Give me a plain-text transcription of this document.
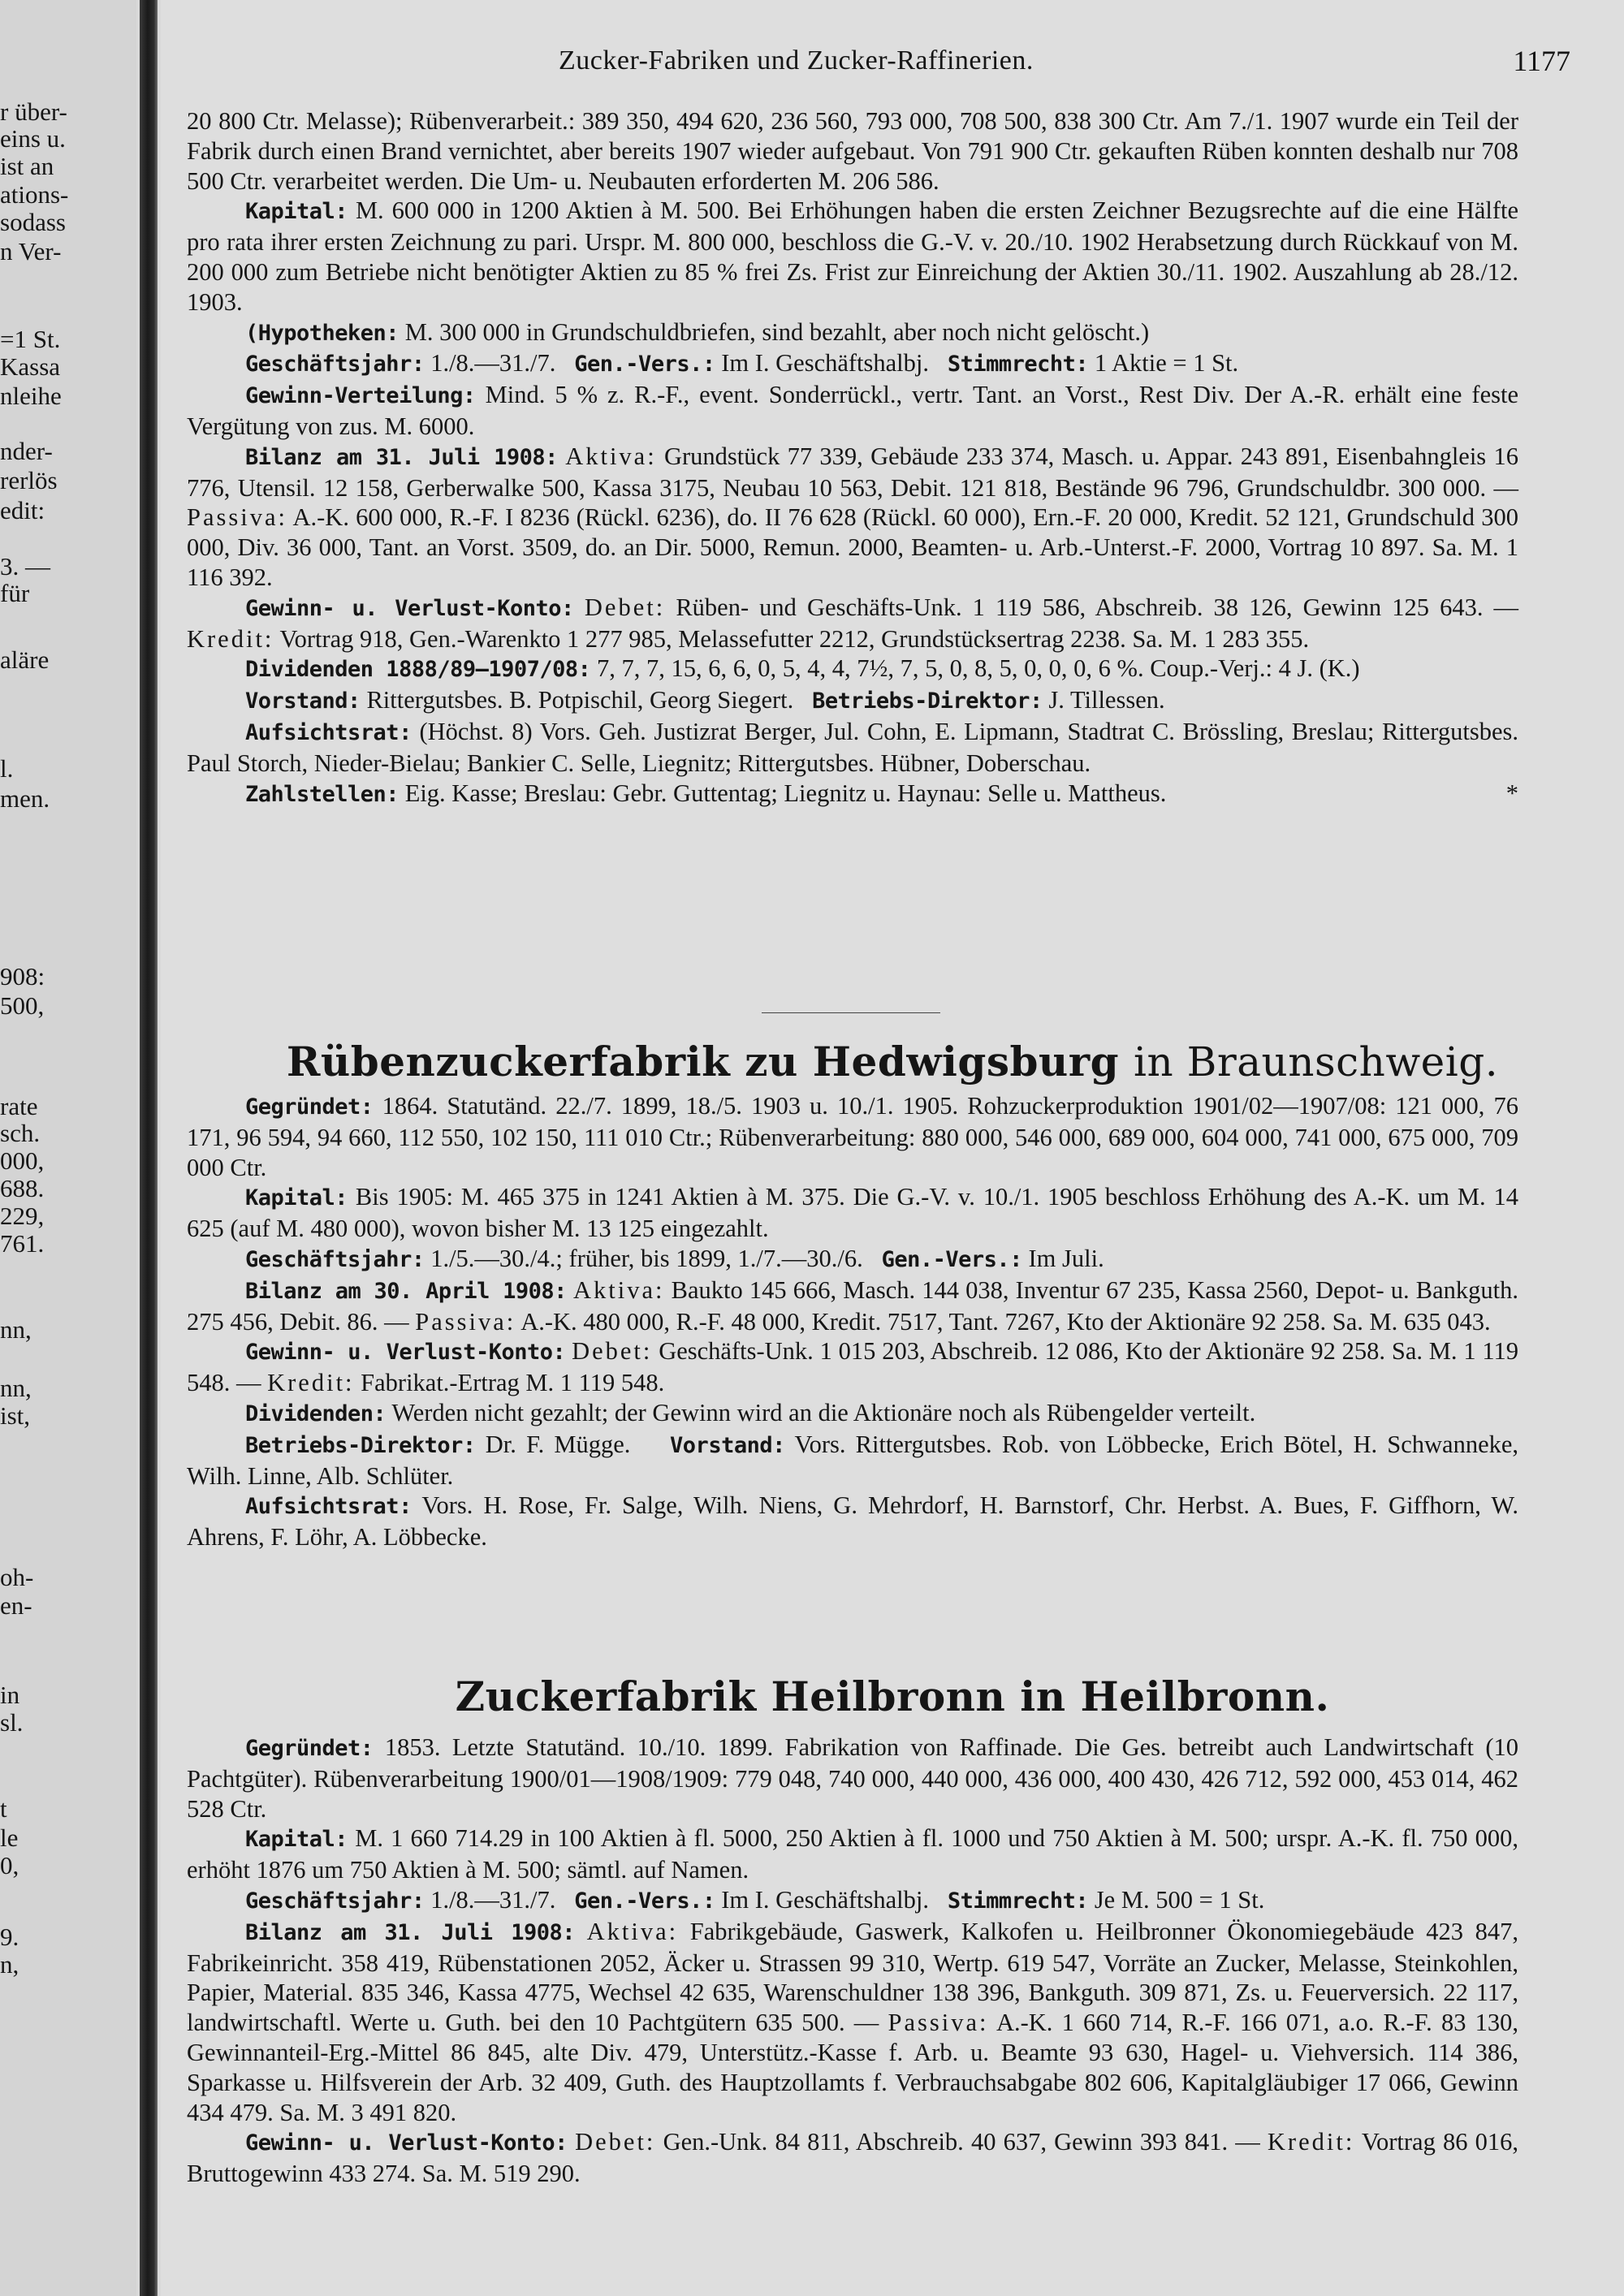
r über-
eins u.
ist an
ations-
sodass
n Ver-
=1 St.
Kassa
nleihe
nder-
rerlös
edit:
3. —
für
aläre
l.
men.
908:
500,
rate
sch.
000,
688.
229,
761.
nn,
nn,
ist,
oh-
en-
in
sl.
t
le
0,
9.
n,
Zucker-Fabriken und Zucker-Raffinerien.	1177

20 800 Ctr. Melasse); Rübenverarbeit.: 389 350, 494 620, 236 560, 793 000, 708 500, 838 300 Ctr. Am 7./1. 1907 wurde ein Teil der Fabrik durch einen Brand vernichtet, aber bereits 1907 wieder aufgebaut. Von 791 900 Ctr. gekauften Rüben konnten deshalb nur 708 500 Ctr. verarbeitet werden. Die Um- u. Neubauten erforderten M. 206 586.

Kapital: M. 600 000 in 1200 Aktien à M. 500. Bei Erhöhungen haben die ersten Zeichner Bezugsrechte auf die eine Hälfte pro rata ihrer ersten Zeichnung zu pari. Urspr. M. 800 000, beschloss die G.-V. v. 20./10. 1902 Herabsetzung durch Rückkauf von M. 200 000 zum Betriebe nicht benötigter Aktien zu 85 % frei Zs. Frist zur Einreichung der Aktien 30./11. 1902. Auszahlung ab 28./12. 1903.

(Hypotheken: M. 300 000 in Grundschuldbriefen, sind bezahlt, aber noch nicht gelöscht.)

Geschäftsjahr: 1./8.—31./7. Gen.-Vers.: Im I. Geschäftshalbj. Stimmrecht: 1 Aktie = 1 St.

Gewinn-Verteilung: Mind. 5 % z. R.-F., event. Sonderrückl., vertr. Tant. an Vorst., Rest Div. Der A.-R. erhält eine feste Vergütung von zus. M. 6000.

Bilanz am 31. Juli 1908: Aktiva: Grundstück 77 339, Gebäude 233 374, Masch. u. Appar. 243 891, Eisenbahngleis 16 776, Utensil. 12 158, Gerberwalke 500, Kassa 3175, Neubau 10 563, Debit. 121 818, Bestände 96 796, Grundschuldbr. 300 000. — Passiva: A.-K. 600 000, R.-F. I 8236 (Rückl. 6236), do. II 76 628 (Rückl. 60 000), Ern.-F. 20 000, Kredit. 52 121, Grundschuld 300 000, Div. 36 000, Tant. an Vorst. 3509, do. an Dir. 5000, Remun. 2000, Beamten- u. Arb.-Unterst.-F. 2000, Vortrag 10 897. Sa. M. 1 116 392.

Gewinn- u. Verlust-Konto: Debet: Rüben- und Geschäfts-Unk. 1 119 586, Abschreib. 38 126, Gewinn 125 643. — Kredit: Vortrag 918, Gen.-Warenkto 1 277 985, Melassefutter 2212, Grundstücksertrag 2238. Sa. M. 1 283 355.

Dividenden 1888/89—1907/08: 7, 7, 7, 15, 6, 6, 0, 5, 4, 4, 7½, 7, 5, 0, 8, 5, 0, 0, 0, 6 %. Coup.-Verj.: 4 J. (K.)

Vorstand: Rittergutsbes. B. Potpischil, Georg Siegert. Betriebs-Direktor: J. Tillessen.

Aufsichtsrat: (Höchst. 8) Vors. Geh. Justizrat Berger, Jul. Cohn, E. Lipmann, Stadtrat C. Brössling, Breslau; Rittergutsbes. Paul Storch, Nieder-Bielau; Bankier C. Selle, Liegnitz; Rittergutsbes. Hübner, Doberschau.

Zahlstellen: Eig. Kasse; Breslau: Gebr. Guttentag; Liegnitz u. Haynau: Selle u. Mattheus.	*

Rübenzuckerfabrik zu Hedwigsburg in Braunschweig.

Gegründet: 1864. Statutänd. 22./7. 1899, 18./5. 1903 u. 10./1. 1905. Rohzuckerproduktion 1901/02—1907/08: 121 000, 76 171, 96 594, 94 660, 112 550, 102 150, 111 010 Ctr.; Rübenverarbeitung: 880 000, 546 000, 689 000, 604 000, 741 000, 675 000, 709 000 Ctr.

Kapital: Bis 1905: M. 465 375 in 1241 Aktien à M. 375. Die G.-V. v. 10./1. 1905 beschloss Erhöhung des A.-K. um M. 14 625 (auf M. 480 000), wovon bisher M. 13 125 eingezahlt.

Geschäftsjahr: 1./5.—30./4.; früher, bis 1899, 1./7.—30./6. Gen.-Vers.: Im Juli.

Bilanz am 30. April 1908: Aktiva: Baukto 145 666, Masch. 144 038, Inventur 67 235, Kassa 2560, Depot- u. Bankguth. 275 456, Debit. 86. — Passiva: A.-K. 480 000, R.-F. 48 000, Kredit. 7517, Tant. 7267, Kto der Aktionäre 92 258. Sa. M. 635 043.

Gewinn- u. Verlust-Konto: Debet: Geschäfts-Unk. 1 015 203, Abschreib. 12 086, Kto der Aktionäre 92 258. Sa. M. 1 119 548. — Kredit: Fabrikat.-Ertrag M. 1 119 548.

Dividenden: Werden nicht gezahlt; der Gewinn wird an die Aktionäre noch als Rübengelder verteilt.

Betriebs-Direktor: Dr. F. Mügge. Vorstand: Vors. Rittergutsbes. Rob. von Löbbecke, Erich Bötel, H. Schwanneke, Wilh. Linne, Alb. Schlüter.

Aufsichtsrat: Vors. H. Rose, Fr. Salge, Wilh. Niens, G. Mehrdorf, H. Barnstorf, Chr. Herbst. A. Bues, F. Giffhorn, W. Ahrens, F. Löhr, A. Löbbecke.

Zuckerfabrik Heilbronn in Heilbronn.

Gegründet: 1853. Letzte Statutänd. 10./10. 1899. Fabrikation von Raffinade. Die Ges. betreibt auch Landwirtschaft (10 Pachtgüter). Rübenverarbeitung 1900/01—1908/1909: 779 048, 740 000, 440 000, 436 000, 400 430, 426 712, 592 000, 453 014, 462 528 Ctr.

Kapital: M. 1 660 714.29 in 100 Aktien à fl. 5000, 250 Aktien à fl. 1000 und 750 Aktien à M. 500; urspr. A.-K. fl. 750 000, erhöht 1876 um 750 Aktien à M. 500; sämtl. auf Namen.

Geschäftsjahr: 1./8.—31./7. Gen.-Vers.: Im I. Geschäftshalbj. Stimmrecht: Je M. 500 = 1 St.

Bilanz am 31. Juli 1908: Aktiva: Fabrikgebäude, Gaswerk, Kalkofen u. Heilbronner Ökonomiegebäude 423 847, Fabrikeinricht. 358 419, Rübenstationen 2052, Äcker u. Strassen 99 310, Wertp. 619 547, Vorräte an Zucker, Melasse, Steinkohlen, Papier, Material. 835 346, Kassa 4775, Wechsel 42 635, Warenschuldner 138 396, Bankguth. 309 871, Zs. u. Feuerversich. 22 117, landwirtschaftl. Werte u. Guth. bei den 10 Pachtgütern 635 500. — Passiva: A.-K. 1 660 714, R.-F. 166 071, a.o. R.-F. 83 130, Gewinnanteil-Erg.-Mittel 86 845, alte Div. 479, Unterstütz.-Kasse f. Arb. u. Beamte 93 630, Hagel- u. Viehversich. 114 386, Sparkasse u. Hilfsverein der Arb. 32 409, Guth. des Hauptzollamts f. Verbrauchsabgabe 802 606, Kapitalgläubiger 17 066, Gewinn 434 479. Sa. M. 3 491 820.

Gewinn- u. Verlust-Konto: Debet: Gen.-Unk. 84 811, Abschreib. 40 637, Gewinn 393 841. — Kredit: Vortrag 86 016, Bruttogewinn 433 274. Sa. M. 519 290.
